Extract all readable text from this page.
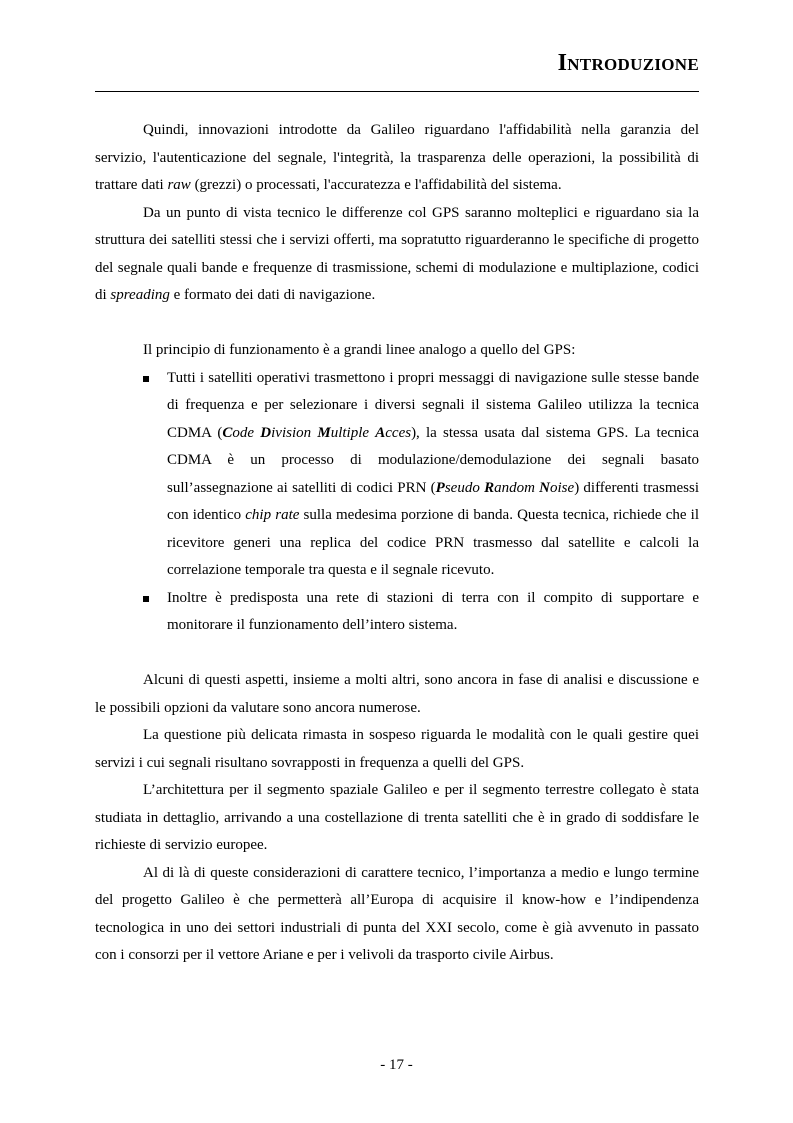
Introduzione

Quindi, innovazioni introdotte da Galileo riguardano l'affidabilità nella garanzia del servizio, l'autenticazione del segnale, l'integrità, la trasparenza delle operazioni, la possibilità di trattare dati raw (grezzi) o processati, l'accuratezza e l'affidabilità del sistema.

Da un punto di vista tecnico le differenze col GPS saranno molteplici e riguardano sia la struttura dei satelliti stessi che i servizi offerti, ma sopratutto riguarderanno le specifiche di progetto del segnale quali bande e frequenze di trasmissione, schemi di modulazione e multiplazione, codici di spreading e formato dei dati di navigazione.

Il principio di funzionamento è a grandi linee analogo a quello del GPS:

Tutti i satelliti operativi trasmettono i propri messaggi di navigazione sulle stesse bande di frequenza e per selezionare i diversi segnali il sistema Galileo utilizza la tecnica CDMA (Code Division Multiple Acces), la stessa usata dal sistema GPS. La tecnica CDMA è un processo di modulazione/demodulazione dei segnali basato sull’assegnazione ai satelliti di codici PRN (Pseudo Random Noise) differenti trasmessi con identico chip rate sulla medesima porzione di banda. Questa tecnica, richiede che il ricevitore generi una replica del codice PRN trasmesso dal satellite e calcoli la correlazione temporale tra questa e il segnale ricevuto.
Inoltre è predisposta una rete di stazioni di terra con il compito di supportare e monitorare il funzionamento dell’intero sistema.

Alcuni di questi aspetti, insieme a molti altri, sono ancora in fase di analisi e discussione e le possibili opzioni da valutare sono ancora numerose.

La questione più delicata rimasta in sospeso riguarda le modalità con le quali gestire quei servizi i cui segnali risultano sovrapposti in frequenza a quelli del GPS.

L’architettura per il segmento spaziale Galileo e per il segmento terrestre collegato è stata studiata in dettaglio, arrivando a una costellazione di trenta satelliti che è in grado di soddisfare le richieste di servizio europee.

Al di là di queste considerazioni di carattere tecnico, l’importanza a medio e lungo termine del progetto Galileo è che permetterà all’Europa di acquisire il know-how e l’indipendenza tecnologica in uno dei settori industriali di punta del XXI secolo, come è già avvenuto in passato con i consorzi per il vettore Ariane e per i velivoli da trasporto civile Airbus.

- 17 -
